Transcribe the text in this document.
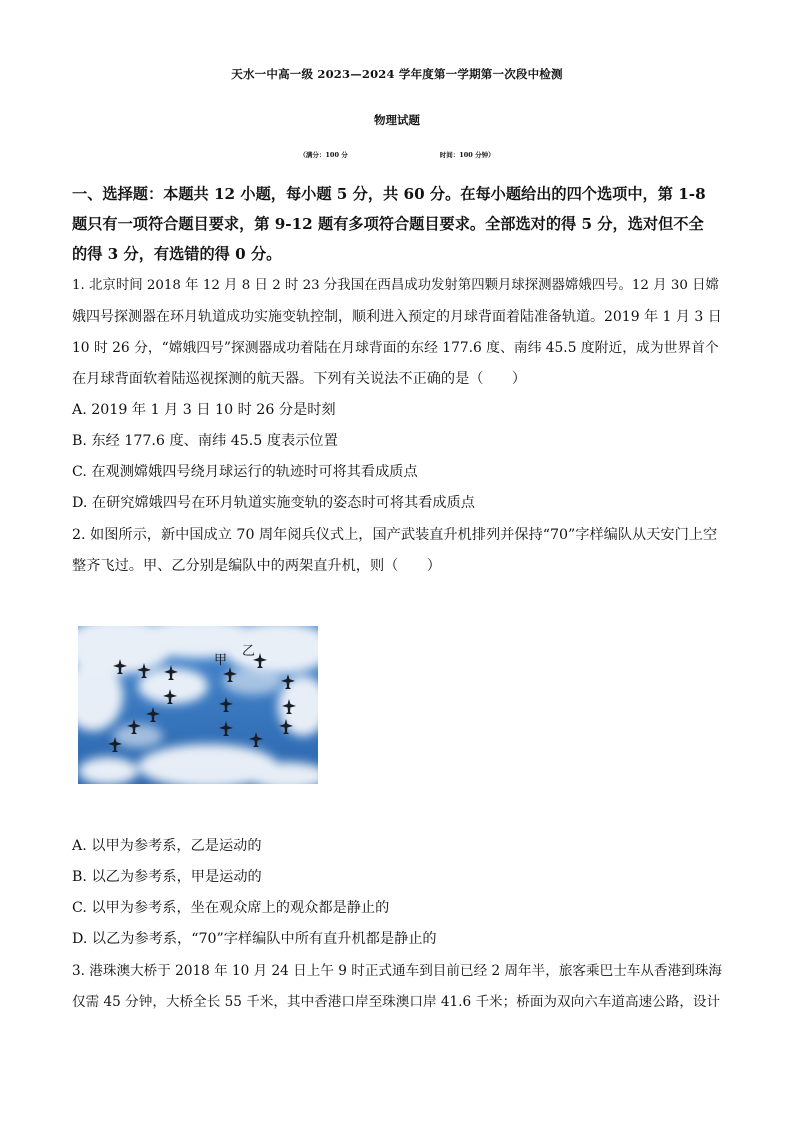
天水一中高一级 2023—2024 学年度第一学期第一次段中检测
物理试题
（满分：100 分	时间：100 分钟）
一、选择题：本题共 12 小题，每小题 5 分，共 60 分。在每小题给出的四个选项中，第 1-8
题只有一项符合题目要求，第 9-12 题有多项符合题目要求。全部选对的得 5 分，选对但不全
的得 3 分，有选错的得 0 分。
1. 北京时间 2018 年 12 月 8 日 2 时 23 分我国在西昌成功发射第四颗月球探测器嫦娥四号。12 月 30 日嫦
娥四号探测器在环月轨道成功实施变轨控制，顺利进入预定的月球背面着陆准备轨道。2019 年 1 月 3 日
10 时 26 分，“嫦娥四号”探测器成功着陆在月球背面的东经 177.6 度、南纬 45.5 度附近，成为世界首个
在月球背面软着陆巡视探测的航天器。下列有关说法不正确的是（　　）
A. 2019 年 1 月 3 日 10 时 26 分是时刻
B. 东经 177.6 度、南纬 45.5 度表示位置
C. 在观测嫦娥四号绕月球运行的轨迹时可将其看成质点
D. 在研究嫦娥四号在环月轨道实施变轨的姿态时可将其看成质点
2. 如图所示，新中国成立 70 周年阅兵仪式上，国产武装直升机排列并保持“70”字样编队从天安门上空
整齐飞过。甲、乙分别是编队中的两架直升机，则（　　）
甲
乙
A. 以甲为参考系，乙是运动的
B. 以乙为参考系，甲是运动的
C. 以甲为参考系，坐在观众席上的观众都是静止的
D. 以乙为参考系，“70”字样编队中所有直升机都是静止的
3. 港珠澳大桥于 2018 年 10 月 24 日上午 9 时正式通车到目前已经 2 周年半，旅客乘巴士车从香港到珠海
仅需 45 分钟，大桥全长 55 千米，其中香港口岸至珠澳口岸 41.6 千米；桥面为双向六车道高速公路，设计
